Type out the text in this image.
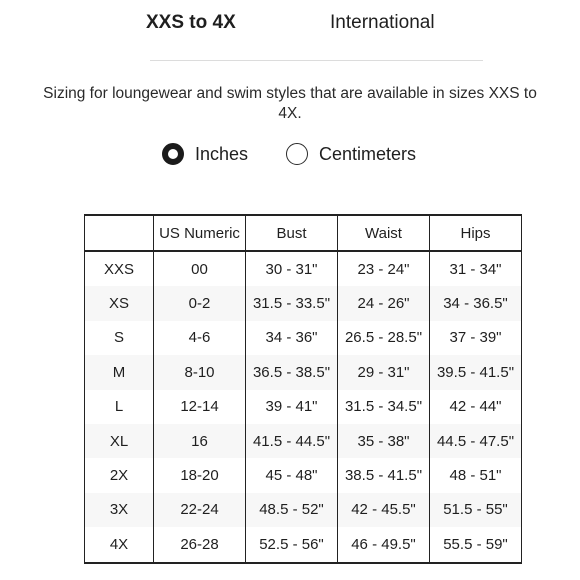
XXS to 4X	International
Sizing for loungewear and swim styles that are available in sizes XXS to 4X.
Inches	Centimeters
	US Numeric	Bust	Waist	Hips
XXS	00	30 - 31"	23 - 24"	31 - 34"
XS	0-2	31.5 - 33.5"	24 - 26"	34 - 36.5"
S	4-6	34 - 36"	26.5 - 28.5"	37 - 39"
M	8-10	36.5 - 38.5"	29 - 31"	39.5 - 41.5"
L	12-14	39 - 41"	31.5 - 34.5"	42 - 44"
XL	16	41.5 - 44.5"	35 - 38"	44.5 - 47.5"
2X	18-20	45 - 48"	38.5 - 41.5"	48 - 51"
3X	22-24	48.5 - 52"	42 - 45.5"	51.5 - 55"
4X	26-28	52.5 - 56"	46 - 49.5"	55.5 - 59"
